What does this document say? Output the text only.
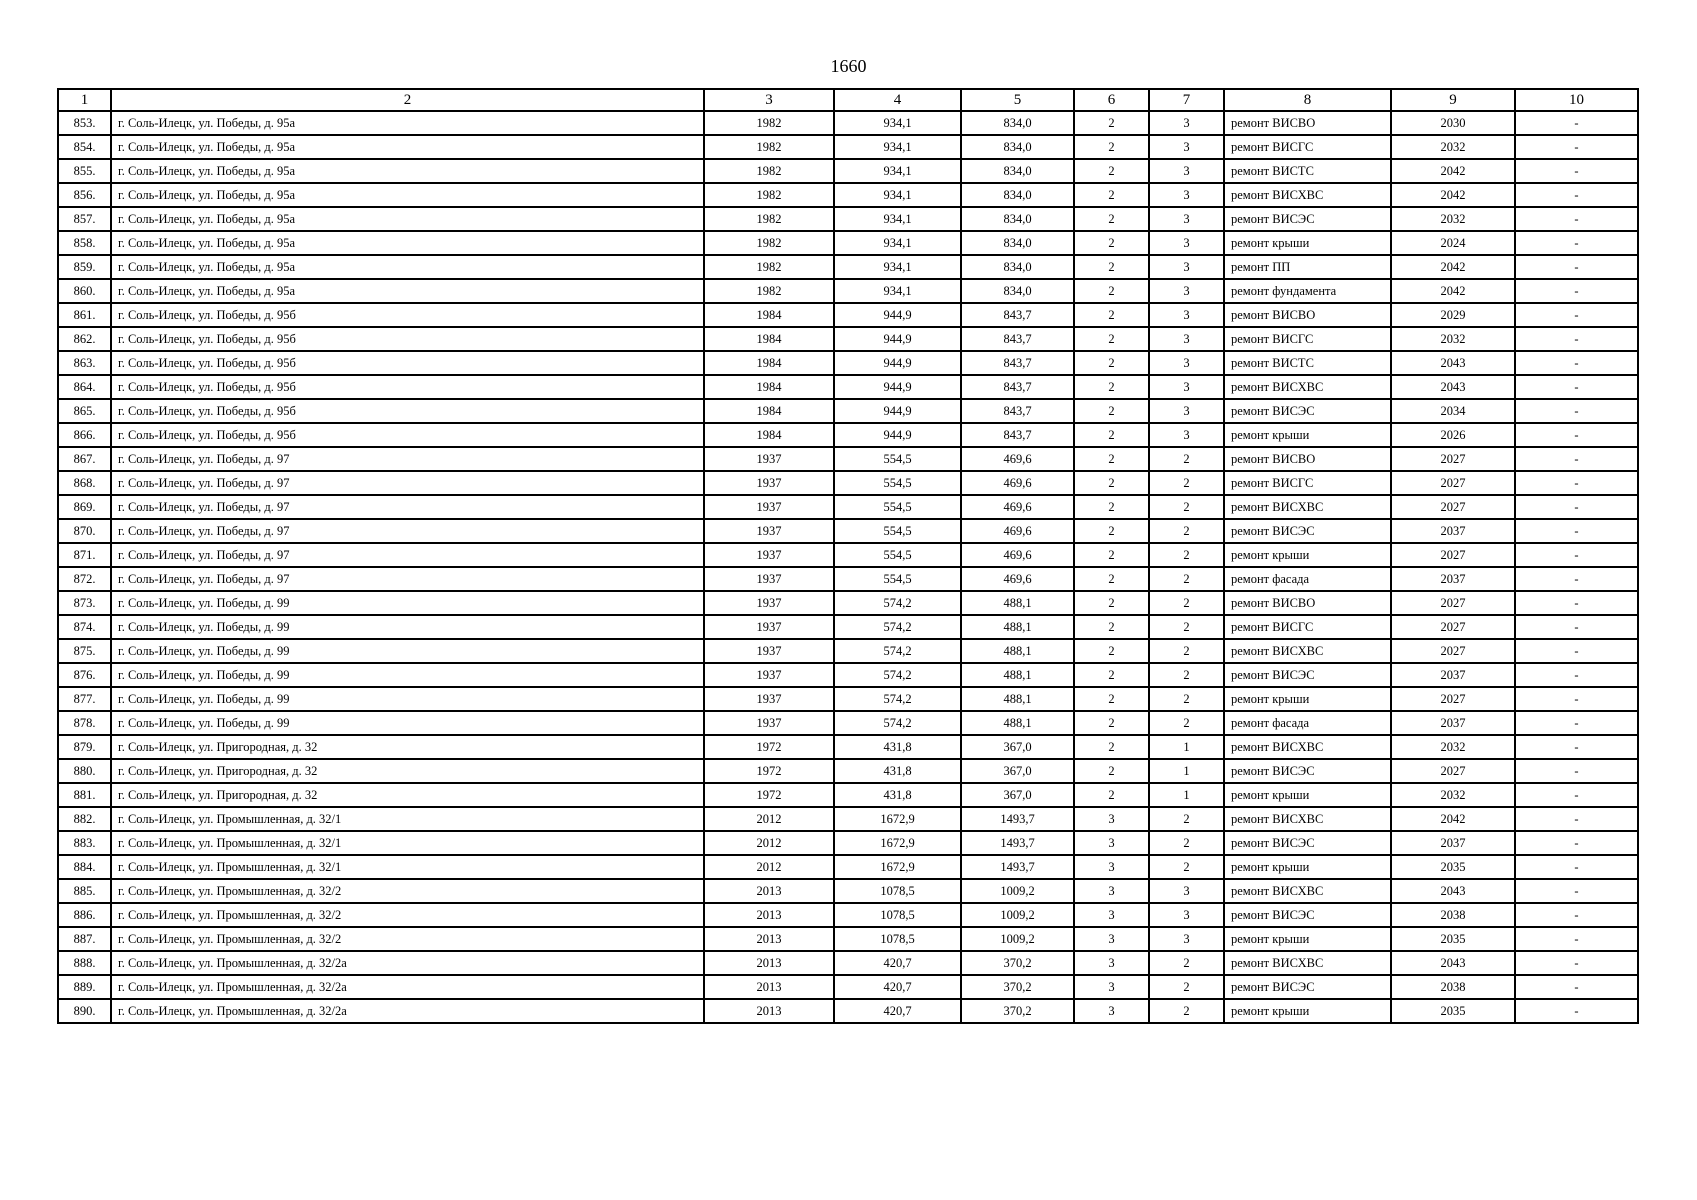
1660
1	2	3	4	5	6	7	8	9	10
853.	г. Соль-Илецк, ул. Победы, д. 95а	1982	934,1	834,0	2	3	ремонт ВИСВО	2030	-
854.	г. Соль-Илецк, ул. Победы, д. 95а	1982	934,1	834,0	2	3	ремонт ВИСГС	2032	-
855.	г. Соль-Илецк, ул. Победы, д. 95а	1982	934,1	834,0	2	3	ремонт ВИСТС	2042	-
856.	г. Соль-Илецк, ул. Победы, д. 95а	1982	934,1	834,0	2	3	ремонт ВИСХВС	2042	-
857.	г. Соль-Илецк, ул. Победы, д. 95а	1982	934,1	834,0	2	3	ремонт ВИСЭС	2032	-
858.	г. Соль-Илецк, ул. Победы, д. 95а	1982	934,1	834,0	2	3	ремонт крыши	2024	-
859.	г. Соль-Илецк, ул. Победы, д. 95а	1982	934,1	834,0	2	3	ремонт ПП	2042	-
860.	г. Соль-Илецк, ул. Победы, д. 95а	1982	934,1	834,0	2	3	ремонт фундамента	2042	-
861.	г. Соль-Илецк, ул. Победы, д. 95б	1984	944,9	843,7	2	3	ремонт ВИСВО	2029	-
862.	г. Соль-Илецк, ул. Победы, д. 95б	1984	944,9	843,7	2	3	ремонт ВИСГС	2032	-
863.	г. Соль-Илецк, ул. Победы, д. 95б	1984	944,9	843,7	2	3	ремонт ВИСТС	2043	-
864.	г. Соль-Илецк, ул. Победы, д. 95б	1984	944,9	843,7	2	3	ремонт ВИСХВС	2043	-
865.	г. Соль-Илецк, ул. Победы, д. 95б	1984	944,9	843,7	2	3	ремонт ВИСЭС	2034	-
866.	г. Соль-Илецк, ул. Победы, д. 95б	1984	944,9	843,7	2	3	ремонт крыши	2026	-
867.	г. Соль-Илецк, ул. Победы, д. 97	1937	554,5	469,6	2	2	ремонт ВИСВО	2027	-
868.	г. Соль-Илецк, ул. Победы, д. 97	1937	554,5	469,6	2	2	ремонт ВИСГС	2027	-
869.	г. Соль-Илецк, ул. Победы, д. 97	1937	554,5	469,6	2	2	ремонт ВИСХВС	2027	-
870.	г. Соль-Илецк, ул. Победы, д. 97	1937	554,5	469,6	2	2	ремонт ВИСЭС	2037	-
871.	г. Соль-Илецк, ул. Победы, д. 97	1937	554,5	469,6	2	2	ремонт крыши	2027	-
872.	г. Соль-Илецк, ул. Победы, д. 97	1937	554,5	469,6	2	2	ремонт фасада	2037	-
873.	г. Соль-Илецк, ул. Победы, д. 99	1937	574,2	488,1	2	2	ремонт ВИСВО	2027	-
874.	г. Соль-Илецк, ул. Победы, д. 99	1937	574,2	488,1	2	2	ремонт ВИСГС	2027	-
875.	г. Соль-Илецк, ул. Победы, д. 99	1937	574,2	488,1	2	2	ремонт ВИСХВС	2027	-
876.	г. Соль-Илецк, ул. Победы, д. 99	1937	574,2	488,1	2	2	ремонт ВИСЭС	2037	-
877.	г. Соль-Илецк, ул. Победы, д. 99	1937	574,2	488,1	2	2	ремонт крыши	2027	-
878.	г. Соль-Илецк, ул. Победы, д. 99	1937	574,2	488,1	2	2	ремонт фасада	2037	-
879.	г. Соль-Илецк, ул. Пригородная, д. 32	1972	431,8	367,0	2	1	ремонт ВИСХВС	2032	-
880.	г. Соль-Илецк, ул. Пригородная, д. 32	1972	431,8	367,0	2	1	ремонт ВИСЭС	2027	-
881.	г. Соль-Илецк, ул. Пригородная, д. 32	1972	431,8	367,0	2	1	ремонт крыши	2032	-
882.	г. Соль-Илецк, ул. Промышленная, д. 32/1	2012	1672,9	1493,7	3	2	ремонт ВИСХВС	2042	-
883.	г. Соль-Илецк, ул. Промышленная, д. 32/1	2012	1672,9	1493,7	3	2	ремонт ВИСЭС	2037	-
884.	г. Соль-Илецк, ул. Промышленная, д. 32/1	2012	1672,9	1493,7	3	2	ремонт крыши	2035	-
885.	г. Соль-Илецк, ул. Промышленная, д. 32/2	2013	1078,5	1009,2	3	3	ремонт ВИСХВС	2043	-
886.	г. Соль-Илецк, ул. Промышленная, д. 32/2	2013	1078,5	1009,2	3	3	ремонт ВИСЭС	2038	-
887.	г. Соль-Илецк, ул. Промышленная, д. 32/2	2013	1078,5	1009,2	3	3	ремонт крыши	2035	-
888.	г. Соль-Илецк, ул. Промышленная, д. 32/2а	2013	420,7	370,2	3	2	ремонт ВИСХВС	2043	-
889.	г. Соль-Илецк, ул. Промышленная, д. 32/2а	2013	420,7	370,2	3	2	ремонт ВИСЭС	2038	-
890.	г. Соль-Илецк, ул. Промышленная, д. 32/2а	2013	420,7	370,2	3	2	ремонт крыши	2035	-
